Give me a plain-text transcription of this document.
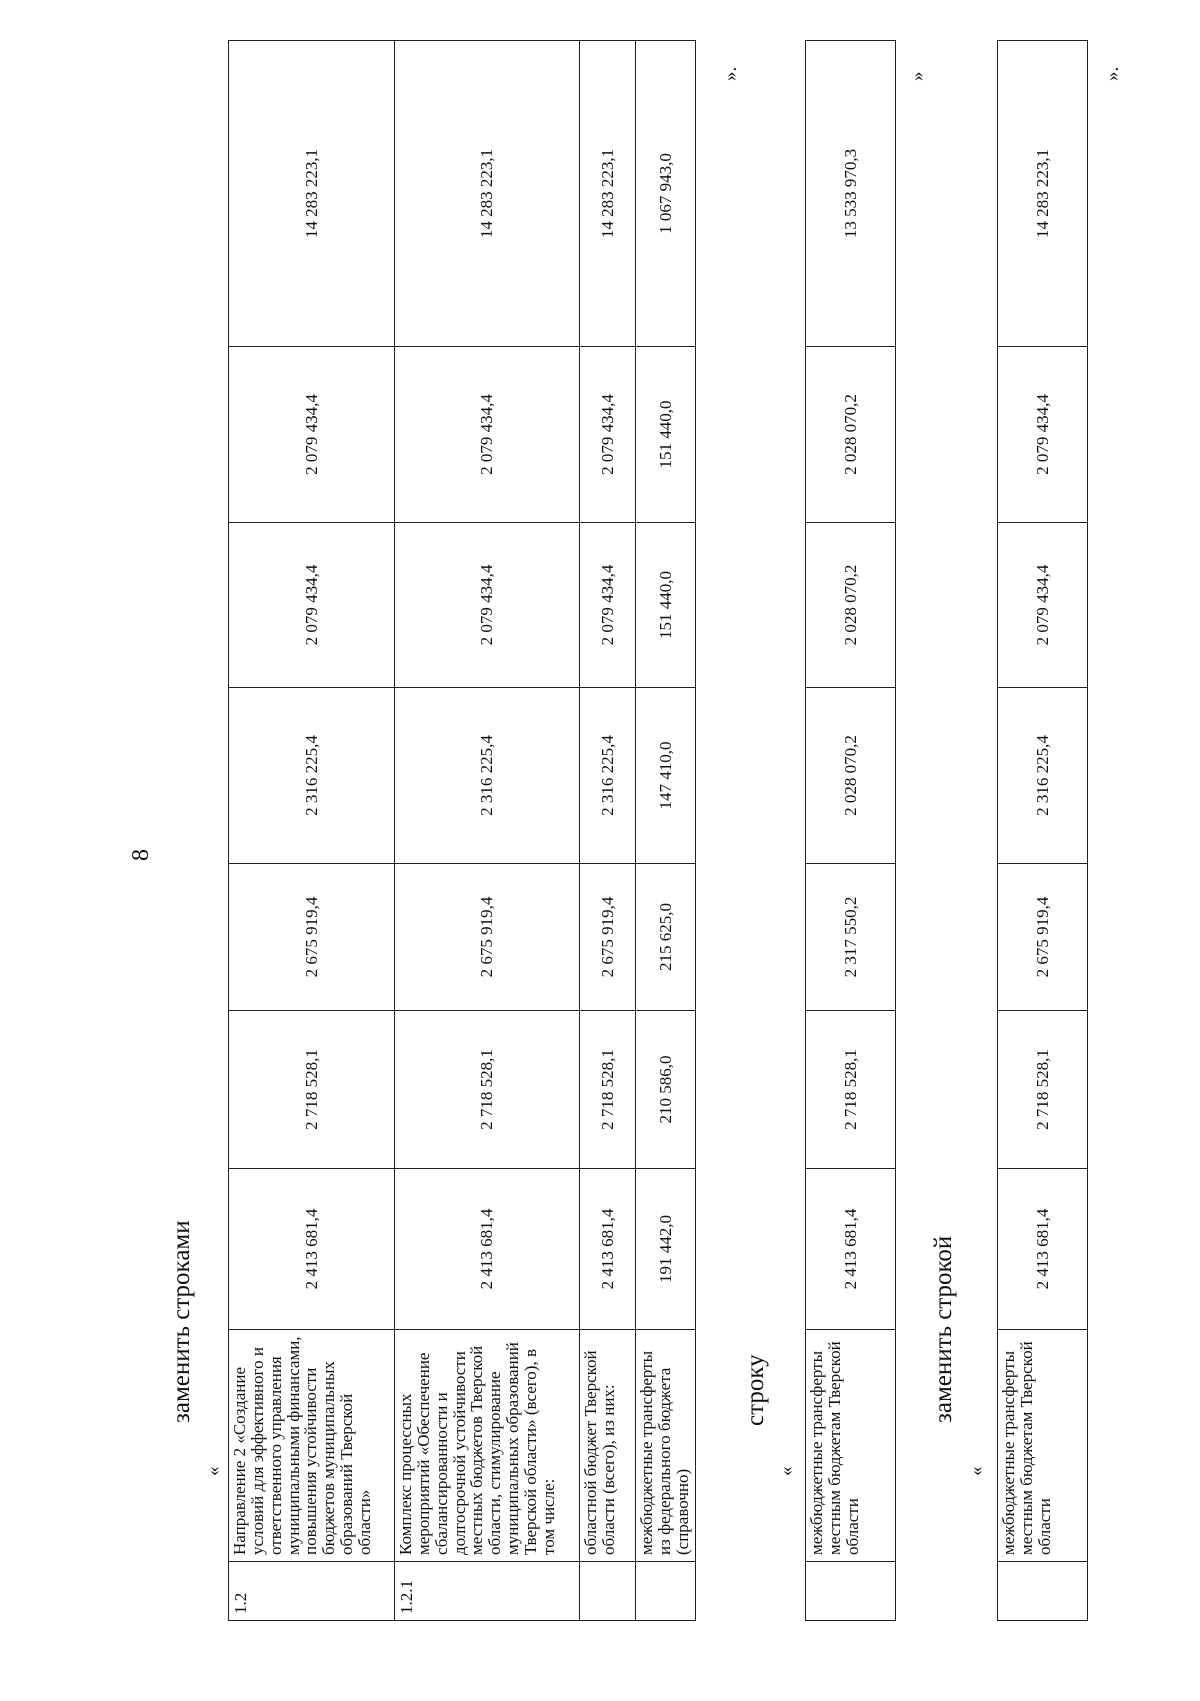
8
заменить строками
«
1.2	Направление 2 «Создание условий для эффективного и ответственного управления муниципальными финансами, повышения устойчивости бюджетов муниципальных образований Тверской области»	2 413 681,4	2 718 528,1	2 675 919,4	2 316 225,4	2 079 434,4	2 079 434,4	14 283 223,1
1.2.1	Комплекс процессных мероприятий «Обеспечение сбалансированности и долгосрочной устойчивости местных бюджетов Тверской области, стимулирование муниципальных образований Тверской области» (всего), в том числе:	2 413 681,4	2 718 528,1	2 675 919,4	2 316 225,4	2 079 434,4	2 079 434,4	14 283 223,1
	областной бюджет Тверской области (всего), из них:	2 413 681,4	2 718 528,1	2 675 919,4	2 316 225,4	2 079 434,4	2 079 434,4	14 283 223,1
	межбюджетные трансферты из федерального бюджета (справочно)	191 442,0	210 586,0	215 625,0	147 410,0	151 440,0	151 440,0	1 067 943,0
».
строку
«
	межбюджетные трансферты местным бюджетам Тверской области	2 413 681,4	2 718 528,1	2 317 550,2	2 028 070,2	2 028 070,2	2 028 070,2	13 533 970,3
»
заменить строкой
«
	межбюджетные трансферты местным бюджетам Тверской области	2 413 681,4	2 718 528,1	2 675 919,4	2 316 225,4	2 079 434,4	2 079 434,4	14 283 223,1
».
